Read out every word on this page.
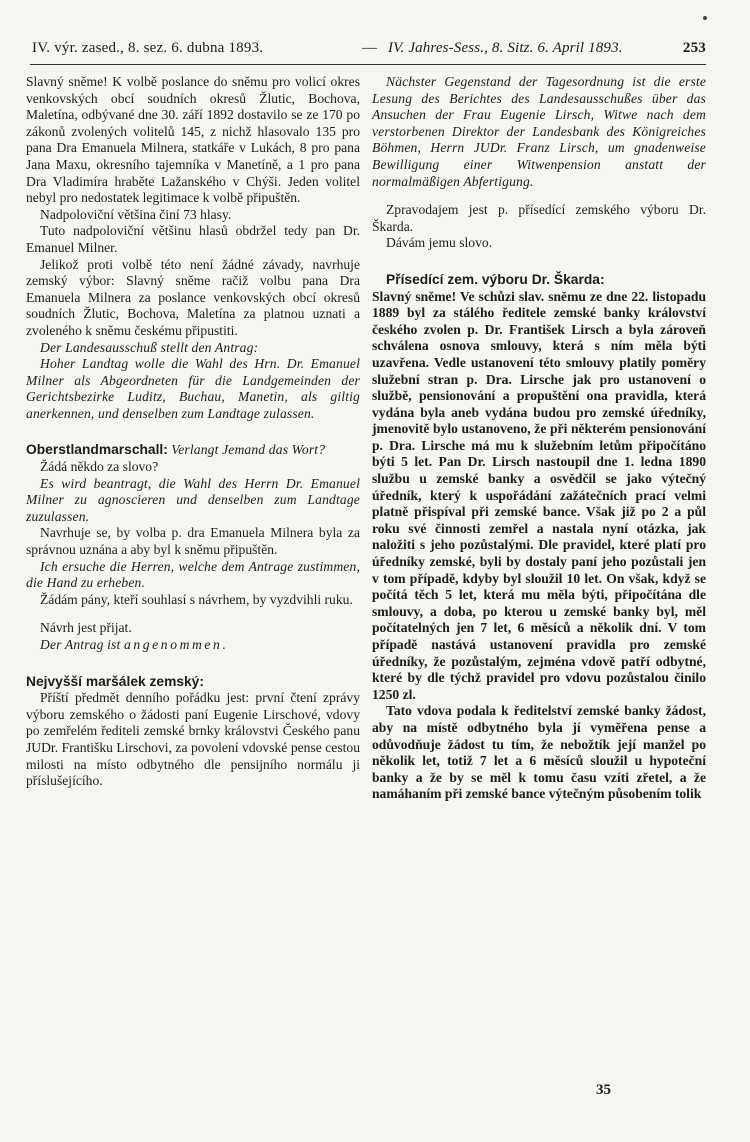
IV. výr. zased., 8. sez. 6. dubna 1893.	— IV. Jahres-Sess., 8. Sitz. 6. April 1893.	253

Slavný sněme! K volbě poslance do sněmu pro volicí okres venkovských obcí soudních okresů Žlutic, Bochova, Maletína, odbývané dne 30. září 1892 dostavilo se ze 170 po zákonů zvolených volitelů 145, z nichž hlasovalo 135 pro pana Dra Emanuela Milnera, statkáře v Lukách, 8 pro pana Jana Maxu, okresního tajemníka v Manetíně, a 1 pro pana Dra Vladimíra hraběte Lažanského v Chýši. Jeden volitel nebyl pro nedostatek legitimace k volbě připuštěn.

Nadpoloviční většina činí 73 hlasy.

Tuto nadpoloviční většinu hlasů obdržel tedy pan Dr. Emanuel Milner.

Jelikož proti volbě této není žádné závady, navrhuje zemský výbor: Slavný sněme račiž volbu pana Dra Emanuela Milnera za poslance venkovských obcí okresů soudních Žlutic, Bochova, Maletína za platnou uznati a zvoleného k sněmu českému připustiti.

Der Landesausschuß stellt den Antrag:

Hoher Landtag wolle die Wahl des Hrn. Dr. Emanuel Milner als Abgeordneten für die Landgemeinden der Gerichtsbezirke Luditz, Buchau, Manetin, als giltig anerkennen, und denselben zum Landtage zulassen.

Oberstlandmarschall: Verlangt Jemand das Wort?

Žádá někdo za slovo?

Es wird beantragt, die Wahl des Herrn Dr. Emanuel Milner zu agnoscieren und denselben zum Landtage zuzulassen.

Navrhuje se, by volba p. dra Emanuela Milnera byla za správnou uznána a aby byl k sněmu připuštěn.

Ich ersuche die Herren, welche dem Antrage zustimmen, die Hand zu erheben.

Žádám pány, kteří souhlasí s návrhem, by vyzdvihli ruku.

Návrh jest přijat.

Der Antrag ist angenommen.

Nejvyšší maršálek zemský:

Příští předmět denního pořádku jest: první čtení zprávy výboru zemského o žádosti paní Eugenie Lirschové, vdovy po zemřelém řediteli zemské brnky královstvi Českého panu JUDr. Františku Lirschovi, za povolení vdovské pense cestou milosti na místo odbytného dle pensijního normálu ji příslušejícího.

Nächster Gegenstand der Tagesordnung ist die erste Lesung des Berichtes des Landesausschußes über das Ansuchen der Frau Eugenie Lirsch, Witwe nach dem verstorbenen Direktor der Landesbank des Königreiches Böhmen, Herrn JUDr. Franz Lirsch, um gnadenweise Bewilligung einer Witwenpension anstatt der normalmäßigen Abfertigung.

Zpravodajem jest p. přísedící zemského výboru Dr. Škarda.

Dávám jemu slovo.

Přísedící zem. výboru Dr. Škarda:

Slavný sněme! Ve schůzi slav. sněmu ze dne 22. listopadu 1889 byl za stálého ředitele zemské banky království českého zvolen p. Dr. František Lirsch a byla zároveň schválena osnova smlouvy, která s ním měla býti uzavřena. Vedle ustanovení této smlouvy platily poměry služební stran p. Dra. Lirsche jak pro ustanovení o službě, pensionování a propuštění ona pravidla, která vydána byla aneb vydána budou pro zemské úředníky, jmenovitě bylo ustanoveno, že při některém pensionování p. Dra. Lirsche má mu k služebním letům připočítáno býti 5 let. Pan Dr. Lirsch nastoupil dne 1. ledna 1890 službu u zemské banky a osvědčil se jako výtečný úředník, který k uspořádání zažátečních prací velmi platně přispíval při zemské bance. Však již po 2 a půl roku své činnosti zemřel a nastala nyní otázka, jak naložiti s jeho pozůstalými. Dle pravidel, které platí pro úředníky zemské, byli by dostaly paní jeho pozůstali jen v tom případě, kdyby byl sloužil 10 let. On však, když se počítá těch 5 let, která mu měla býti, připočítána dle smlouvy, a doba, po kterou u zemské banky byl, měl počítatelných jen 7 let, 6 měsíců a několik dní. V tom případě nastává ustanovení pravidla pro zemské úředníky, že pozůstalým, zejména vdově patří odbytné, které by dle týchž pravidel pro vdovu pozůstalou činilo 1250 zl.

Tato vdova podala k ředitelství zemské banky žádost, aby na místě odbytného byla jí vyměřena pense a odůvodňuje žádost tu tím, že nebožtík její manžel po několik let, totiž 7 let a 6 měsíců sloužil u hypoteční banky a že by se měl k tomu času vzíti zřetel, a že namáhaním při zemské bance výtečným působením tolik

35
